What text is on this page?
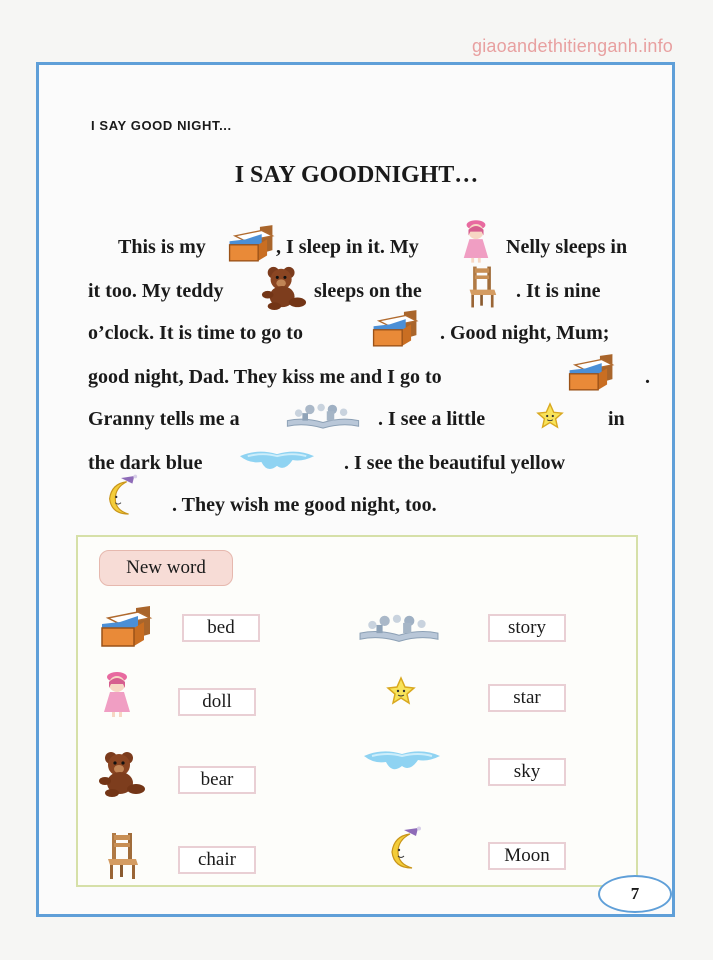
giaoandethitienganh.info
I SAY GOOD NIGHT...
I SAY GOODNIGHT…
This is my	, I sleep in it. My	Nelly sleeps in
it too. My teddy	sleeps on the	. It is nine
o’clock. It is time to go to	. Good night, Mum;
good night, Dad. They kiss me and I go to	.
Granny tells me a	. I see a little	in
the dark blue	. I see the beautiful yellow
. They wish me good night, too.
New word
bed
doll
bear
chair
story
star
sky
Moon
7
